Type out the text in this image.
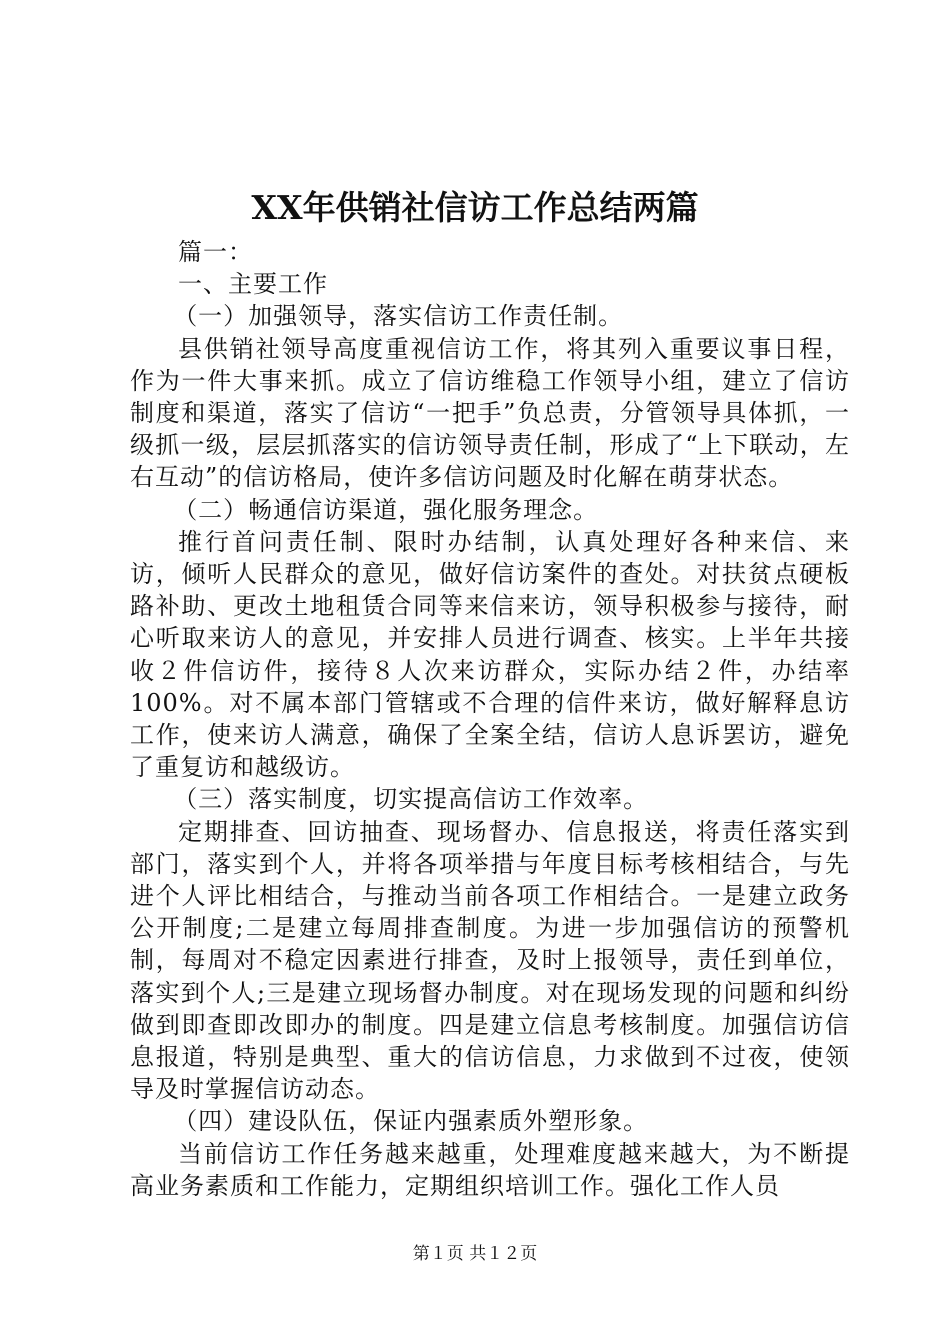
XX年供销社信访工作总结两篇

篇一：

一、主要工作

（一）加强领导，落实信访工作责任制。

县供销社领导高度重视信访工作，将其列入重要议事日程，作为一件大事来抓。成立了信访维稳工作领导小组，建立了信访制度和渠道，落实了信访“一把手”负总责，分管领导具体抓，一级抓一级，层层抓落实的信访领导责任制，形成了“上下联动，左右互动”的信访格局，使许多信访问题及时化解在萌芽状态。

（二）畅通信访渠道，强化服务理念。

推行首问责任制、限时办结制，认真处理好各种来信、来访，倾听人民群众的意见，做好信访案件的查处。对扶贫点硬板路补助、更改土地租赁合同等来信来访，领导积极参与接待，耐心听取来访人的意见，并安排人员进行调查、核实。上半年共接收２件信访件，接待８人次来访群众，实际办结２件，办结率100%。对不属本部门管辖或不合理的信件来访，做好解释息访工作，使来访人满意，确保了全案全结，信访人息诉罢访，避免了重复访和越级访。

（三）落实制度，切实提高信访工作效率。

定期排查、回访抽查、现场督办、信息报送，将责任落实到部门，落实到个人，并将各项举措与年度目标考核相结合，与先进个人评比相结合，与推动当前各项工作相结合。一是建立政务公开制度;二是建立每周排查制度。为进一步加强信访的预警机制，每周对不稳定因素进行排查，及时上报领导，责任到单位，落实到个人;三是建立现场督办制度。对在现场发现的问题和纠纷做到即查即改即办的制度。四是建立信息考核制度。加强信访信息报道，特别是典型、重大的信访信息，力求做到不过夜，使领导及时掌握信访动态。

（四）建设队伍，保证内强素质外塑形象。

当前信访工作任务越来越重，处理难度越来越大，为不断提高业务素质和工作能力，定期组织培训工作。强化工作人员

第１页 共１２页
